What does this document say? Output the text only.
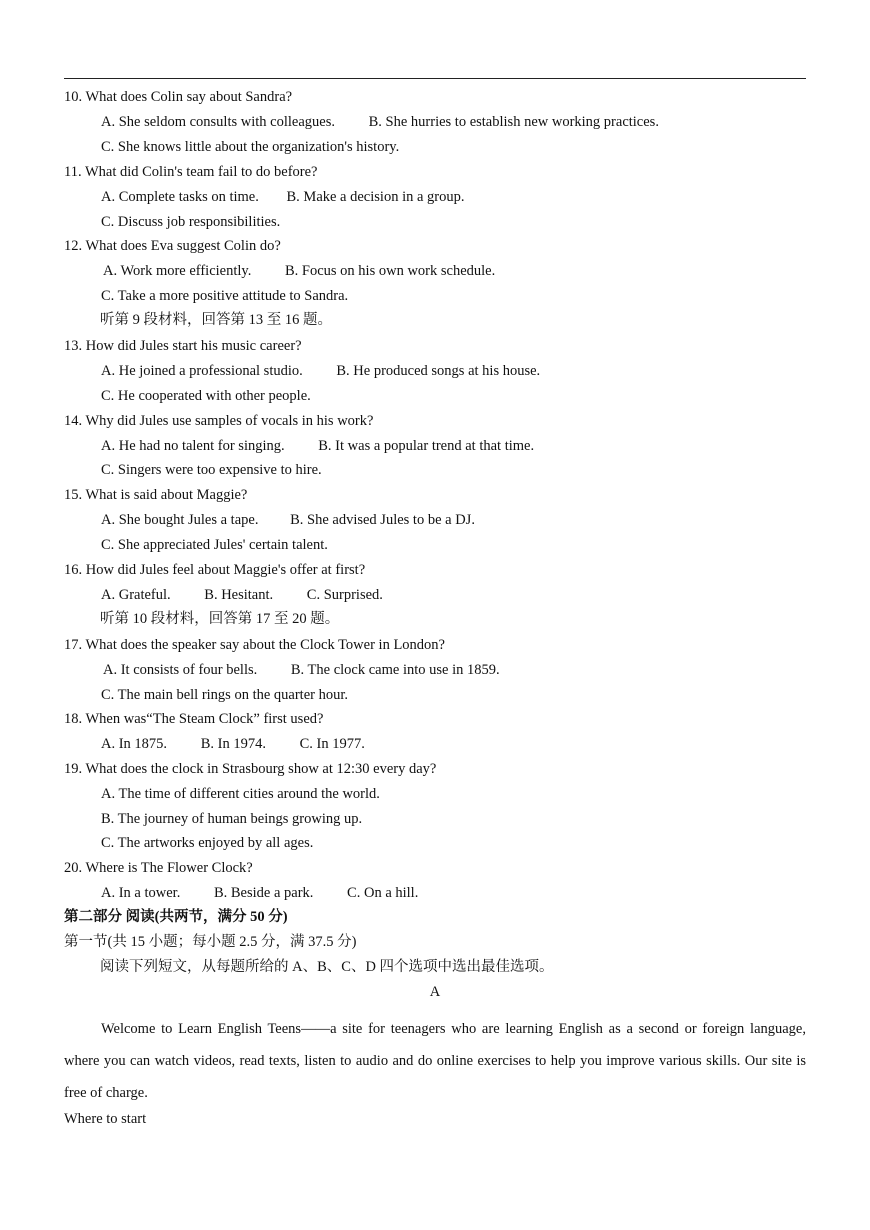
10. What does Colin say about Sandra?
A. She seldom consults with colleagues. B. She hurries to establish new working practices.
C. She knows little about the organization's history.
11. What did Colin's team fail to do before?
A. Complete tasks on time. B. Make a decision in a group.
C. Discuss job responsibilities.
12. What does Eva suggest Colin do?
A. Work more efficiently. B. Focus on his own work schedule.
C. Take a more positive attitude to Sandra.
听第 9 段材料，回答第 13 至 16 题。
13. How did Jules start his music career?
A. He joined a professional studio. B. He produced songs at his house.
C. He cooperated with other people.
14. Why did Jules use samples of vocals in his work?
A. He had no talent for singing. B. It was a popular trend at that time.
C. Singers were too expensive to hire.
15. What is said about Maggie?
A. She bought Jules a tape. B. She advised Jules to be a DJ.
C. She appreciated Jules' certain talent.
16. How did Jules feel about Maggie's offer at first?
A. Grateful. B. Hesitant. C. Surprised.
听第 10 段材料，回答第 17 至 20 题。
17. What does the speaker say about the Clock Tower in London?
A. It consists of four bells. B. The clock came into use in 1859.
C. The main bell rings on the quarter hour.
18. When was“The Steam Clock” first used?
A. In 1875. B. In 1974. C. In 1977.
19. What does the clock in Strasbourg show at 12:30 every day?
A. The time of different cities around the world.
B. The journey of human beings growing up.
C. The artworks enjoyed by all ages.
20. Where is The Flower Clock?
A. In a tower. B. Beside a park. C. On a hill.
第二部分 阅读(共两节，满分 50 分)
第一节(共 15 小题；每小题 2.5 分，满 37.5 分)
阅读下列短文，从每题所给的 A、B、C、D 四个选项中选出最佳选项。
A
Welcome to Learn English Teens——a site for teenagers who are learning English as a second or foreign language, where you can watch videos, read texts, listen to audio and do online exercises to help you improve various skills. Our site is free of charge.
Where to start
